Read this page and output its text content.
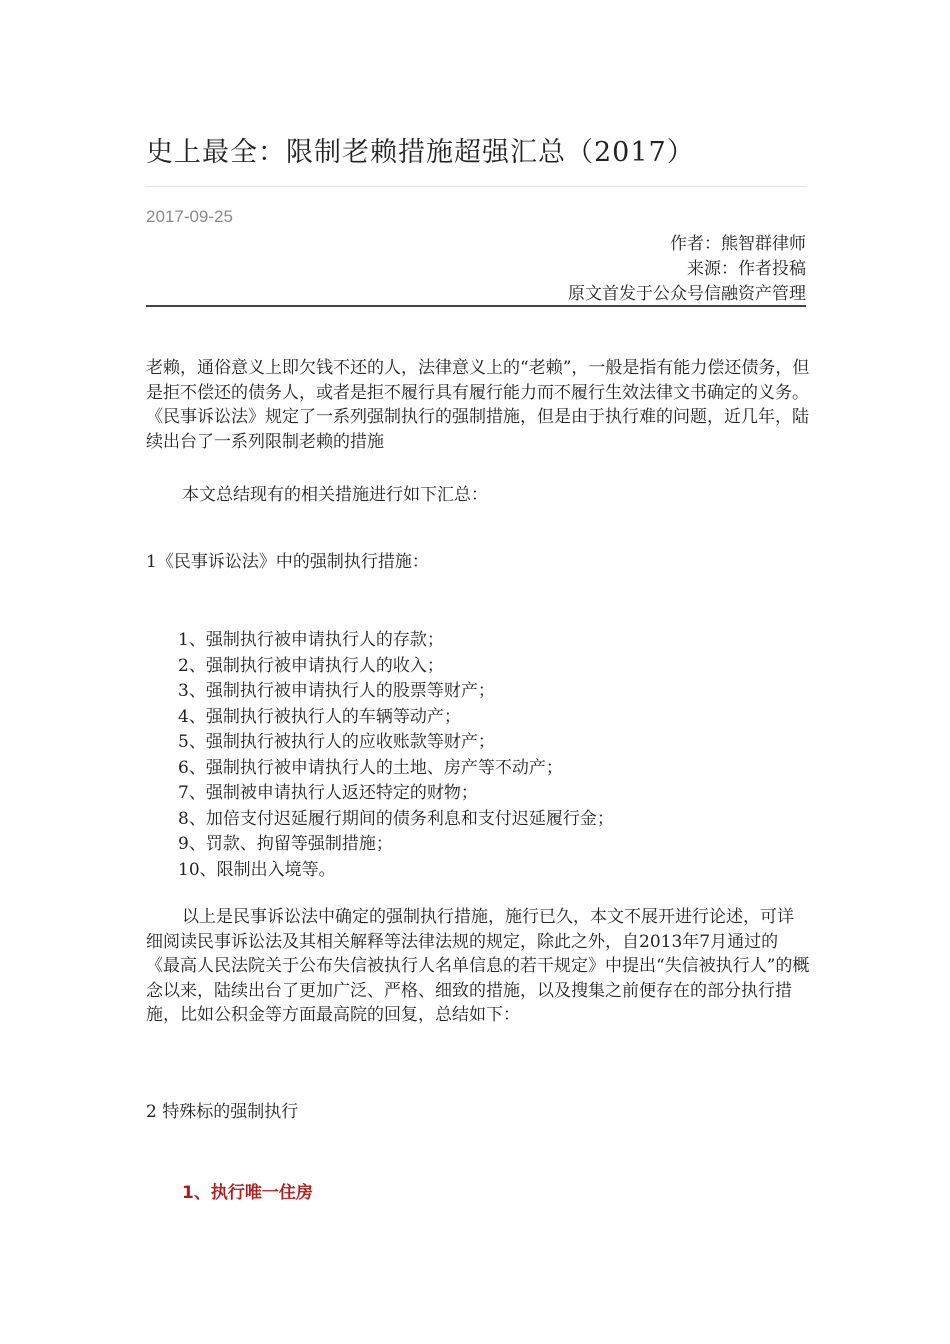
史上最全：限制老赖措施超强汇总（2017）
2017-09-25
作者：熊智群律师
来源：作者投稿
原文首发于公众号信融资产管理

老赖，通俗意义上即欠钱不还的人，法律意义上的“老赖”，一般是指有能力偿还债务，但是拒不偿还的债务人，或者是拒不履行具有履行能力而不履行生效法律文书确定的义务。《民事诉讼法》规定了一系列强制执行的强制措施，但是由于执行难的问题，近几年，陆续出台了一系列限制老赖的措施

本文总结现有的相关措施进行如下汇总：

1《民事诉讼法》中的强制执行措施：

1、强制执行被申请执行人的存款；
2、强制执行被申请执行人的收入；
3、强制执行被申请执行人的股票等财产；
4、强制执行被执行人的车辆等动产；
5、强制执行被执行人的应收账款等财产；
6、强制执行被申请执行人的土地、房产等不动产；
7、强制被申请执行人返还特定的财物；
8、加倍支付迟延履行期间的债务利息和支付迟延履行金；
9、罚款、拘留等强制措施；
10、限制出入境等。

以上是民事诉讼法中确定的强制执行措施，施行已久，本文不展开进行论述，可详细阅读民事诉讼法及其相关解释等法律法规的规定，除此之外，自2013年7月通过的《最高人民法院关于公布失信被执行人名单信息的若干规定》中提出“失信被执行人”的概念以来，陆续出台了更加广泛、严格、细致的措施，以及搜集之前便存在的部分执行措施，比如公积金等方面最高院的回复，总结如下：

2 特殊标的强制执行

1、执行唯一住房
